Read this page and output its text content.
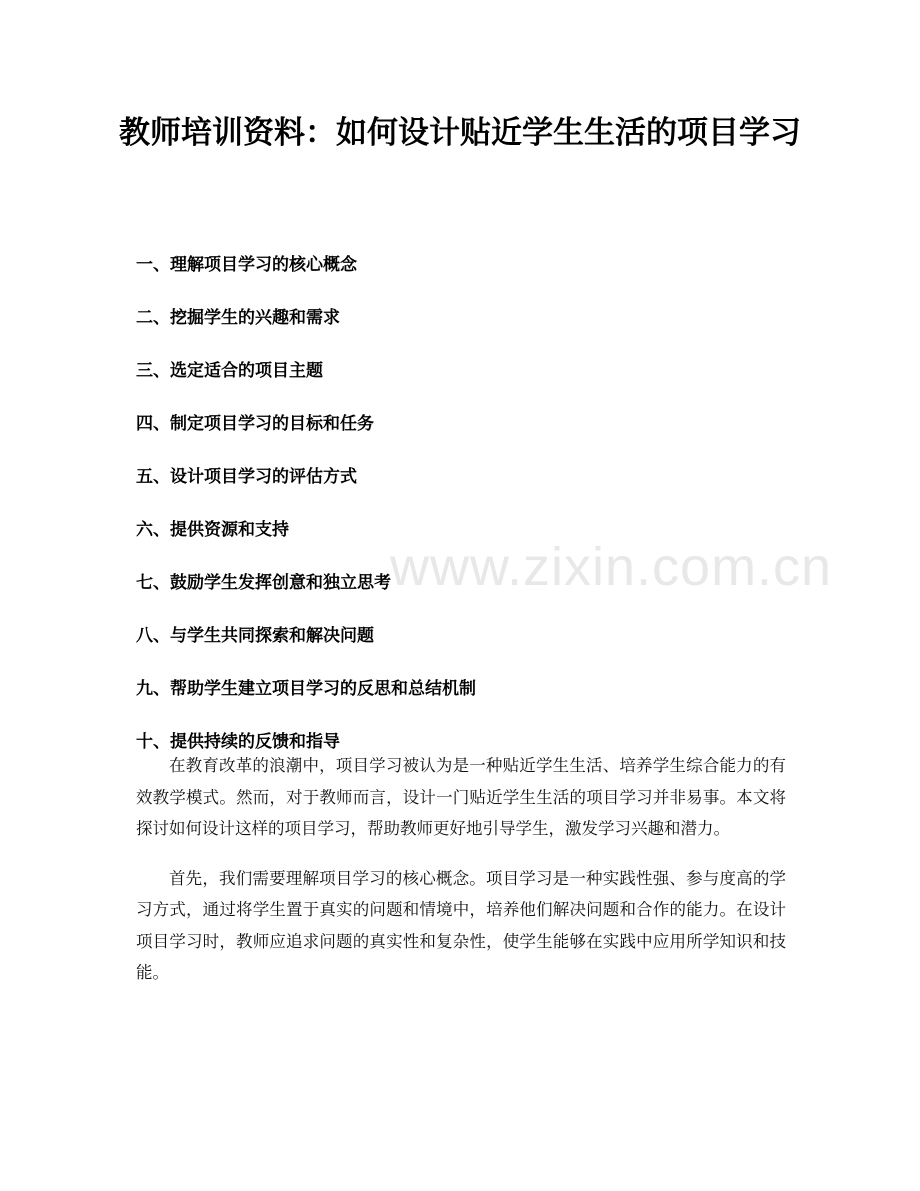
教师培训资料：如何设计贴近学生生活的项目学习
一、理解项目学习的核心概念
二、挖掘学生的兴趣和需求
三、选定适合的项目主题
四、制定项目学习的目标和任务
五、设计项目学习的评估方式
六、提供资源和支持
七、鼓励学生发挥创意和独立思考
八、与学生共同探索和解决问题
九、帮助学生建立项目学习的反思和总结机制
十、提供持续的反馈和指导

在教育改革的浪潮中，项目学习被认为是一种贴近学生生活、培养学生综合能力的有效教学模式。然而，对于教师而言，设计一门贴近学生生活的项目学习并非易事。本文将探讨如何设计这样的项目学习，帮助教师更好地引导学生，激发学习兴趣和潜力。

首先，我们需要理解项目学习的核心概念。项目学习是一种实践性强、参与度高的学习方式，通过将学生置于真实的问题和情境中，培养他们解决问题和合作的能力。在设计项目学习时，教师应追求问题的真实性和复杂性，使学生能够在实践中应用所学知识和技能。

www.zixin.com.cn
